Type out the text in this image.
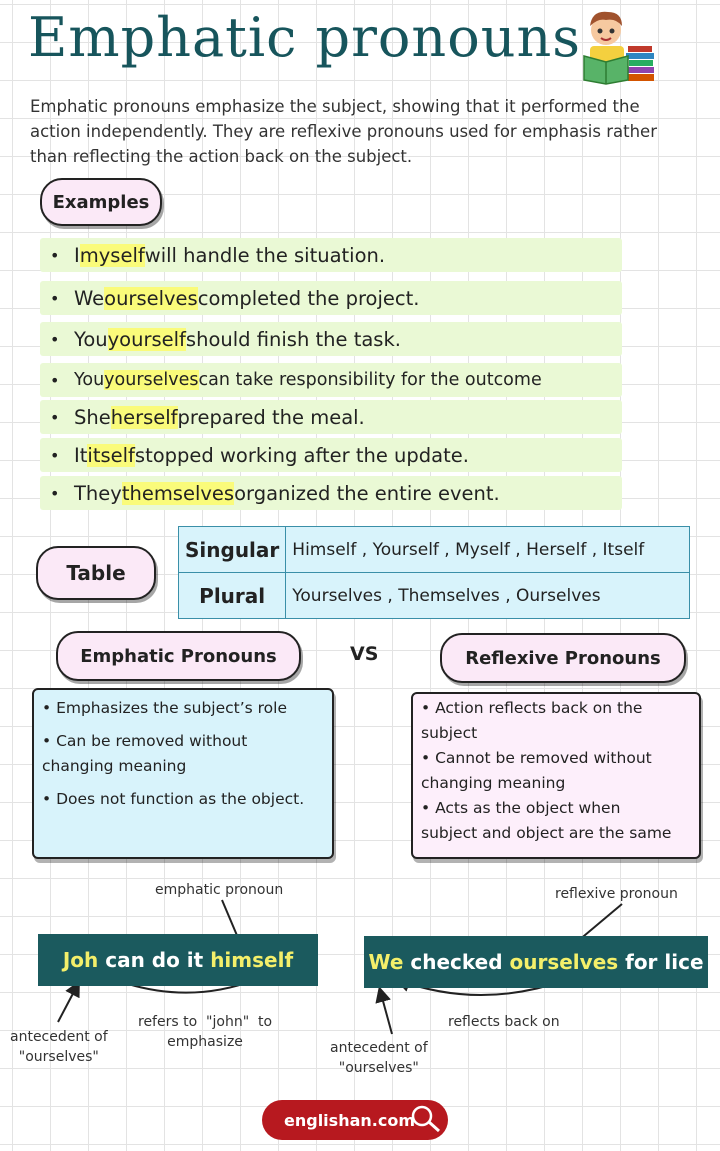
Emphatic pronouns
Emphatic pronouns emphasize the subject, showing that it performed the action independently. They are reflexive pronouns used for emphasis rather than reflecting the action back on the subject.
Examples
• I myself will handle the situation.
• We ourselves completed the project.
• You yourself should finish the task.
• You yourselves can take responsibility for the outcome
• She herself prepared the meal.
• It itself stopped working after the update.
• They themselves organized the entire event.
Table
Singular	Himself , Yourself , Myself , Herself , Itself
Plural	Yourselves , Themselves , Ourselves
Emphatic Pronouns	VS	Reflexive Pronouns
• Emphasizes the subject’s role
• Can be removed without
changing meaning
• Does not function as the object.
• Action reflects back on the
subject
• Cannot be removed without
changing meaning
• Acts as the object when
subject and object are the same
emphatic pronoun
Joh can do it himself
antecedent of
"ourselves"
refers to  "john"  to
emphasize
reflexive pronoun
We checked ourselves for lice
reflects back on
antecedent of
"ourselves"
englishan.com
